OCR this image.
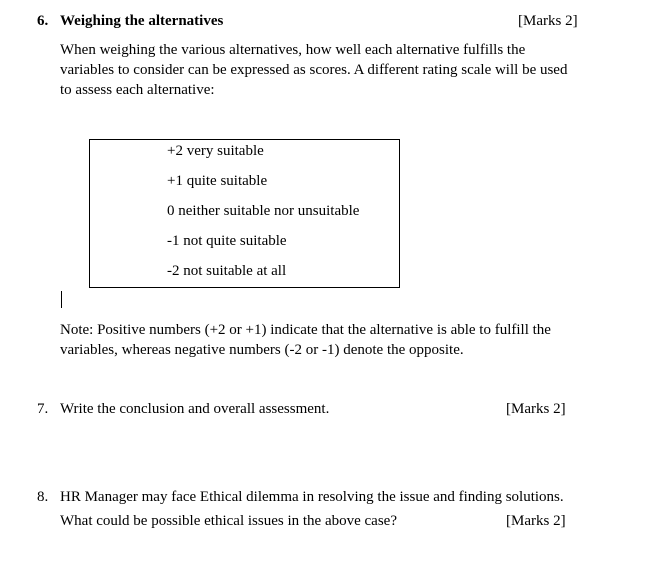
6. Weighing the alternatives	[Marks 2]
When weighing the various alternatives, how well each alternative fulfills the
variables to consider can be expressed as scores. A different rating scale will be used
to assess each alternative:
+2 very suitable
+1 quite suitable
0 neither suitable nor unsuitable
-1 not quite suitable
-2 not suitable at all
Note: Positive numbers (+2 or +1) indicate that the alternative is able to fulfill the
variables, whereas negative numbers (-2 or -1) denote the opposite.
7. Write the conclusion and overall assessment.	[Marks 2]
8. HR Manager may face Ethical dilemma in resolving the issue and finding solutions.
What could be possible ethical issues in the above case?	[Marks 2]
